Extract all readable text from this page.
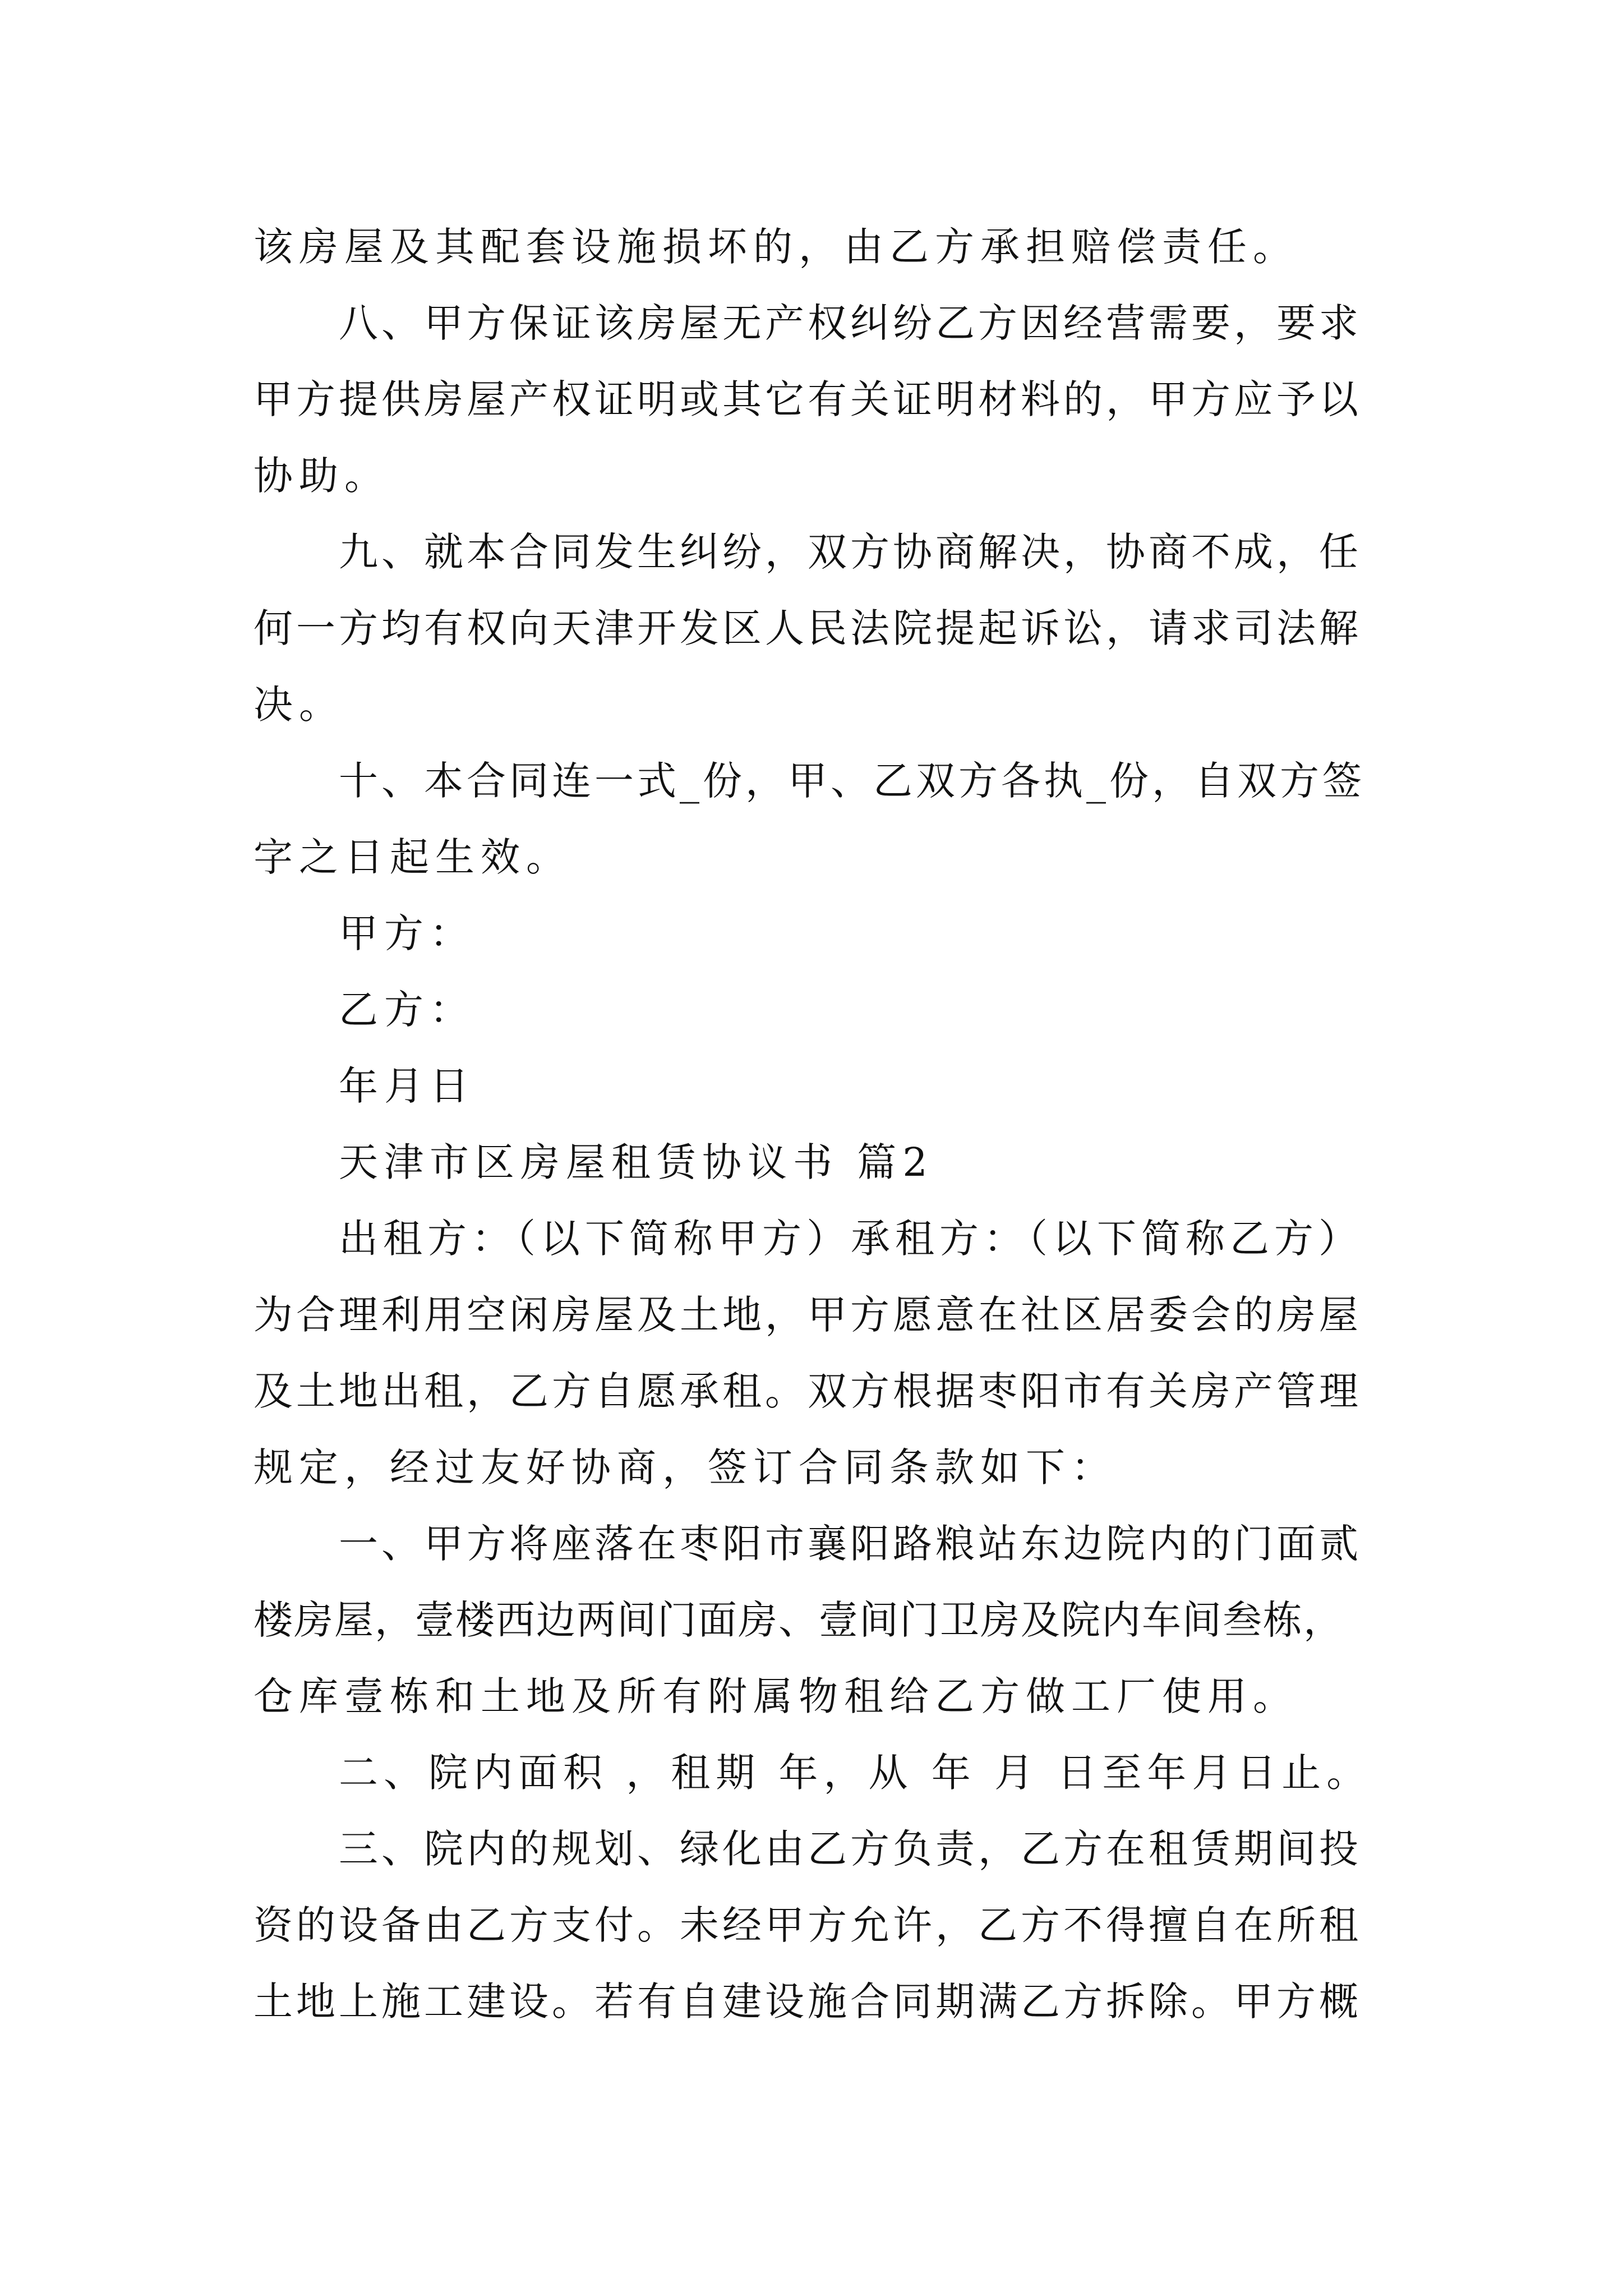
该房屋及其配套设施损坏的，由乙方承担赔偿责任。
八、甲方保证该房屋无产权纠纷乙方因经营需要，要求
甲方提供房屋产权证明或其它有关证明材料的，甲方应予以
协助。
九、就本合同发生纠纷，双方协商解决，协商不成，任
何一方均有权向天津开发区人民法院提起诉讼，请求司法解
决。
十、本合同连一式_份，甲、乙双方各执_份，自双方签
字之日起生效。
甲方：
乙方：
年月日
天津市区房屋租赁协议书 篇2
出租方：（以下简称甲方）承租方：（以下简称乙方）
为合理利用空闲房屋及土地，甲方愿意在社区居委会的房屋
及土地出租，乙方自愿承租。双方根据枣阳市有关房产管理
规定，经过友好协商，签订合同条款如下：
一、甲方将座落在枣阳市襄阳路粮站东边院内的门面贰
楼房屋，壹楼西边两间门面房、壹间门卫房及院内车间叁栋，
仓库壹栋和土地及所有附属物租给乙方做工厂使用。
二、院内面积 ，租期 年，从 年 月 日至年月日止。
三、院内的规划、绿化由乙方负责，乙方在租赁期间投
资的设备由乙方支付。未经甲方允许，乙方不得擅自在所租
土地上施工建设。若有自建设施合同期满乙方拆除。甲方概
